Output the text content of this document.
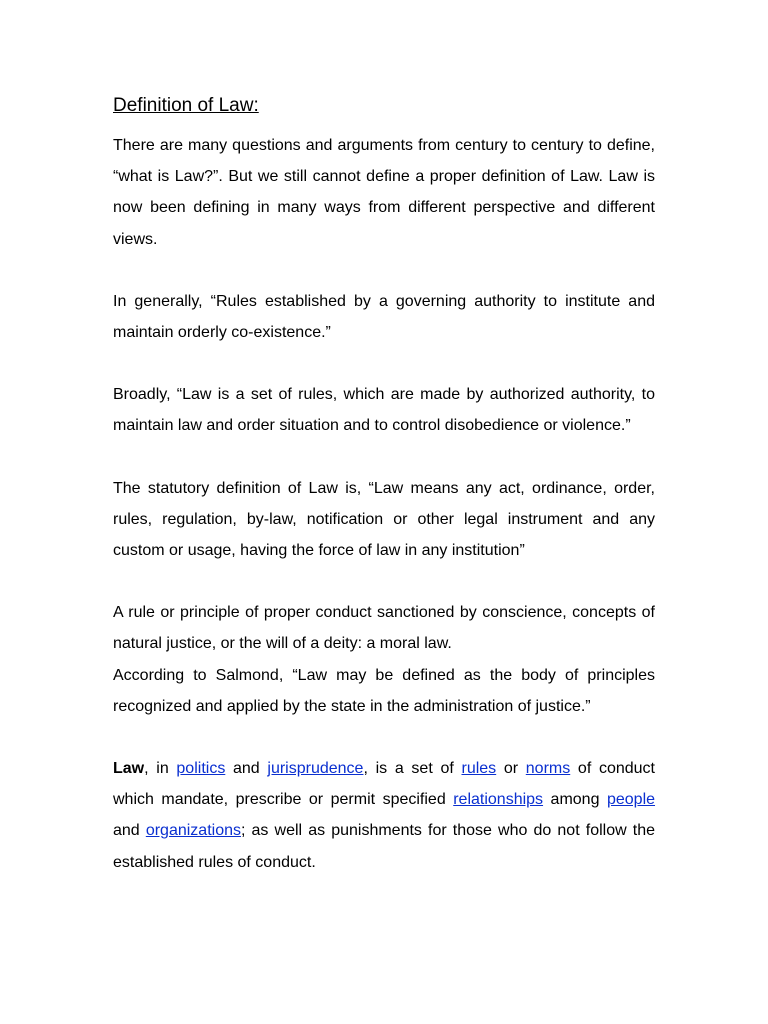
Definition of Law:

There are many questions and arguments from century to century to define, “what is Law?”. But we still cannot define a proper definition of Law. Law is now been defining in many ways from different perspective and different views.

In generally, “Rules established by a governing authority to institute and maintain orderly co-existence.”

Broadly, “Law is a set of rules, which are made by authorized authority, to maintain law and order situation and to control disobedience or violence.”

The statutory definition of Law is, “Law means any act, ordinance, order, rules, regulation, by-law, notification or other legal instrument and any custom or usage, having the force of law in any institution”

A rule or principle of proper conduct sanctioned by conscience, concepts of natural justice, or the will of a deity: a moral law.

According to Salmond, “Law may be defined as the body of principles recognized and applied by the state in the administration of justice.”

Law, in politics and jurisprudence, is a set of rules or norms of conduct which mandate, prescribe or permit specified relationships among people and organizations; as well as punishments for those who do not follow the established rules of conduct.
